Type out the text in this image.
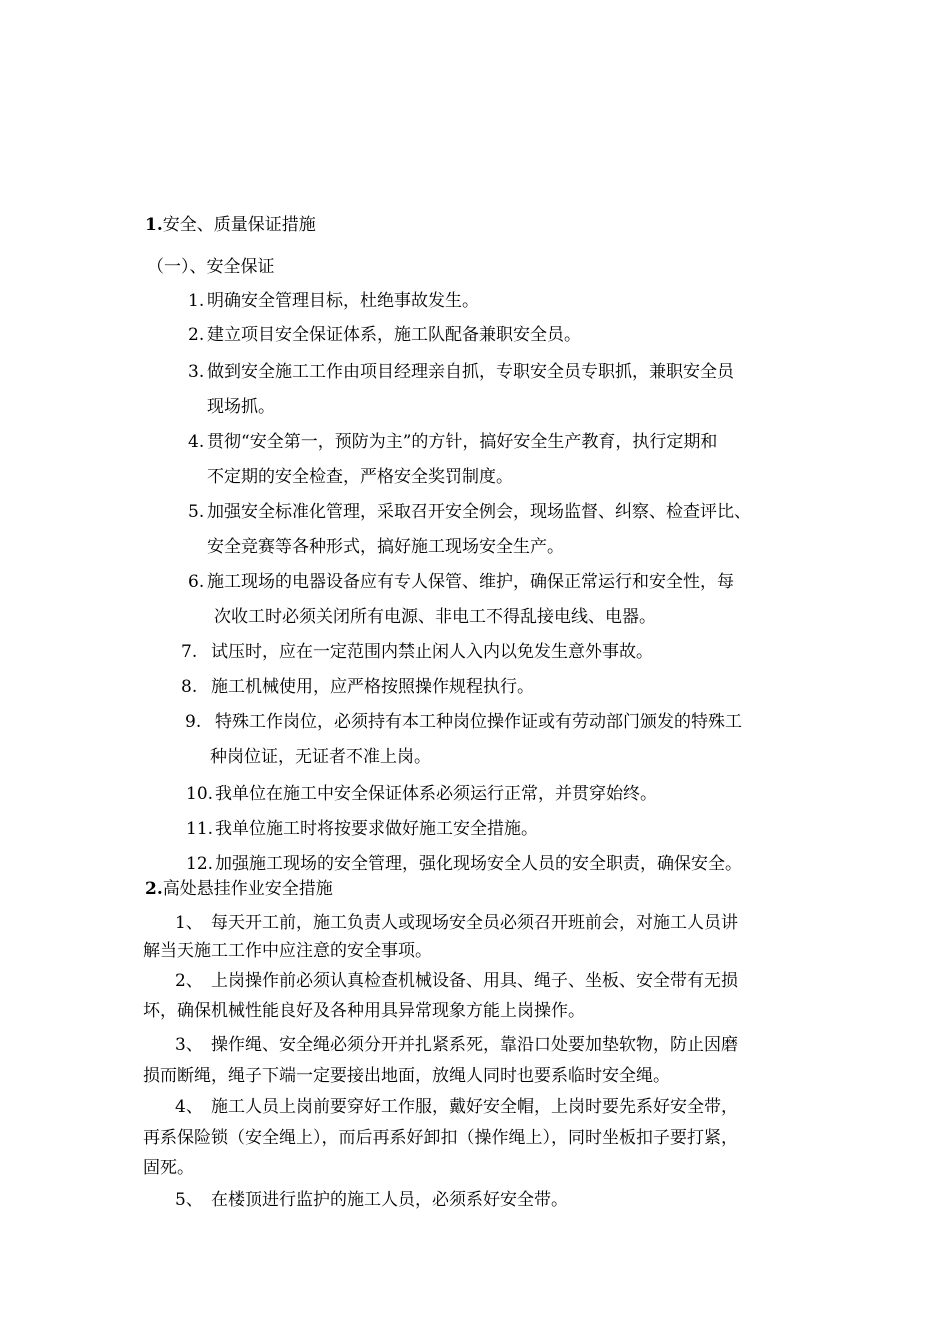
1.安全、质量保证措施
（一）、安全保证
1. 明确安全管理目标，杜绝事故发生。
2. 建立项目安全保证体系，施工队配备兼职安全员。
3. 做到安全施工工作由项目经理亲自抓，专职安全员专职抓，兼职安全员
现场抓。
4. 贯彻“安全第一，预防为主”的方针，搞好安全生产教育，执行定期和
不定期的安全检查，严格安全奖罚制度。
5. 加强安全标准化管理，采取召开安全例会，现场监督、纠察、检查评比、
安全竞赛等各种形式，搞好施工现场安全生产。
6. 施工现场的电器设备应有专人保管、维护，确保正常运行和安全性，每
次收工时必须关闭所有电源、非电工不得乱接电线、电器。
7. 试压时，应在一定范围内禁止闲人入内以免发生意外事故。
8. 施工机械使用，应严格按照操作规程执行。
9. 特殊工作岗位，必须持有本工种岗位操作证或有劳动部门颁发的特殊工
种岗位证，无证者不准上岗。
10. 我单位在施工中安全保证体系必须运行正常，并贯穿始终。
11. 我单位施工时将按要求做好施工安全措施。
12. 加强施工现场的安全管理，强化现场安全人员的安全职责，确保安全。
2.高处悬挂作业安全措施
1、 每天开工前，施工负责人或现场安全员必须召开班前会，对施工人员讲
解当天施工工作中应注意的安全事项。
2、 上岗操作前必须认真检查机械设备、用具、绳子、坐板、安全带有无损
坏，确保机械性能良好及各种用具异常现象方能上岗操作。
3、 操作绳、安全绳必须分开并扎紧系死，靠沿口处要加垫软物，防止因磨
损而断绳，绳子下端一定要接出地面，放绳人同时也要系临时安全绳。
4、 施工人员上岗前要穿好工作服，戴好安全帽，上岗时要先系好安全带，
再系保险锁（安全绳上），而后再系好卸扣（操作绳上），同时坐板扣子要打紧，
固死。
5、 在楼顶进行监护的施工人员，必须系好安全带。
